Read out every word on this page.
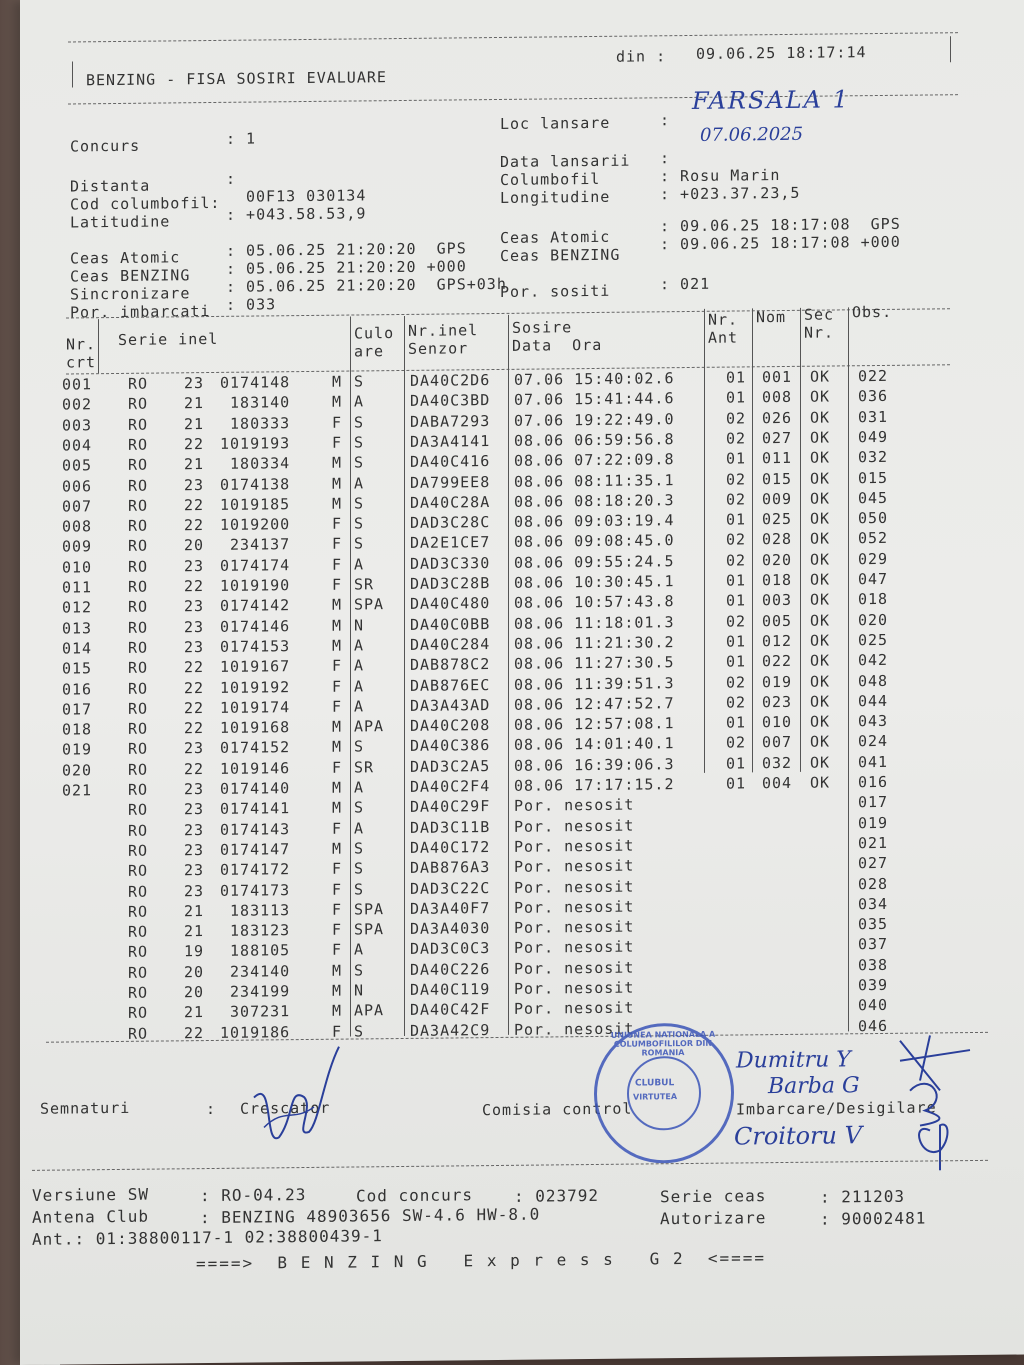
BENZING - FISA SOSIRI EVALUARE
din : 09.06.25 18:17:14
Concurs	: 1
Distanta	:
Cod columbofil: 00F13 030134
Latitudine	: +043.58.53,9
Ceas Atomic	: 05.06.25 21:20:20  GPS
Ceas BENZING : 05.06.25 21:20:20 +000
Sincronizare : 05.06.25 21:20:20  GPS+03h
Por. imbarcati : 033
Loc lansare	:
FARSALA 1
Data lansarii :
07.06.2025
Columbofil	: Rosu Marin
Longitudine	: +023.37.23,5
Ceas Atomic
: 09.06.25 18:17:08  GPS
Ceas BENZING
: 09.06.25 18:17:08 +000
Por. sositi	: 021
Nr.
crt
Serie inel	Culo
are
Nr.inel
Senzor
Sosire
Data  Ora
Nr.
Ant
Nom Sec
Nr.
Obs.
001 RO 23 0174148	M S	DA40C2D6 07.06 15:40:02.6	01 001 OK 022
002 RO 21 183140	M A	DA40C3BD 07.06 15:41:44.6	01 008 OK 036
003 RO 21 180333	F S	DABA7293 07.06 19:22:49.0	02 026 OK 031
004 RO 22 1019193	F S	DA3A4141 08.06 06:59:56.8	02 027 OK 049
005 RO 21 180334	M S	DA40C416 08.06 07:22:09.8	01 011 OK 032
006 RO 23 0174138	M A	DA799EE8 08.06 08:11:35.1	02 015 OK 015
007 RO 22 1019185	M S	DA40C28A 08.06 08:18:20.3	02 009 OK 045
008 RO 22 1019200	F S	DAD3C28C 08.06 09:03:19.4	01 025 OK 050
009 RO 20 234137	F S	DA2E1CE7 08.06 09:08:45.0	02 028 OK 052
010 RO 23 0174174	F A	DAD3C330 08.06 09:55:24.5	02 020 OK 029
011 RO 22 1019190	F SR DAD3C28B 08.06 10:30:45.1	01 018 OK 047
012 RO 23 0174142	M SPA DA40C480 08.06 10:57:43.8	01 003 OK 018
013 RO 23 0174146	M N	DA40C0BB 08.06 11:18:01.3	02 005 OK 020
014 RO 23 0174153	M A	DA40C284 08.06 11:21:30.2	01 012 OK 025
015 RO 22 1019167	F A	DAB878C2 08.06 11:27:30.5	01 022 OK 042
016 RO 22 1019192	F A	DAB876EC 08.06 11:39:51.3	02 019 OK 048
017 RO 22 1019174	F A	DA3A43AD 08.06 12:47:52.7	02 023 OK 044
018 RO 22 1019168	M APA DA40C208 08.06 12:57:08.1	01 010 OK 043
019 RO 23 0174152	M S	DA40C386 08.06 14:01:40.1	02 007 OK 024
020 RO 22 1019146	F SR DAD3C2A5 08.06 16:39:06.3	01 032 OK 041
021 RO 23 0174140	M A	DA40C2F4 08.06 17:17:15.2	01 004 OK 016
RO 23 0174141	M S	DA40C29F Por. nesosit	017
RO 23 0174143	F A	DAD3C11B Por. nesosit	019
RO 23 0174147	M S	DA40C172 Por. nesosit	021
RO 23 0174172	F S	DAB876A3 Por. nesosit	027
RO 23 0174173	F S	DAD3C22C Por. nesosit	028
RO 21 183113	F SPA DA3A40F7 Por. nesosit	034
RO 21 183123	F SPA DA3A4030 Por. nesosit	035
RO 19 188105	F A	DAD3C0C3 Por. nesosit	037
RO 20 234140	M S	DA40C226 Por. nesosit	038
RO 20 234199	M N	DA40C119 Por. nesosit	039
RO 21 307231	M APA DA40C42F Por. nesosit	040
RO 22 1019186	F S	DA3A42C9 Por. nesosit	046
Semnaturi	: Crescator	Comisia control	Imbarcare/Desigilare
Dumitru Y
Barba G
Croitoru V
UNIUNEA NATIONALA A COLUMBOFILILOR DIN ROMANIA
CLUBUL
VIRTUTEA
Versiune SW	: RO-04.23	Cod concurs	: 023792	Serie ceas	: 211203
Antena Club	: BENZING 48903656 SW-4.6 HW-8.0	Autorizare	: 90002481
Ant.: 01:38800117-1 02:38800439-1
====>  B E N Z I N G   E x p r e s s   G 2  <====
